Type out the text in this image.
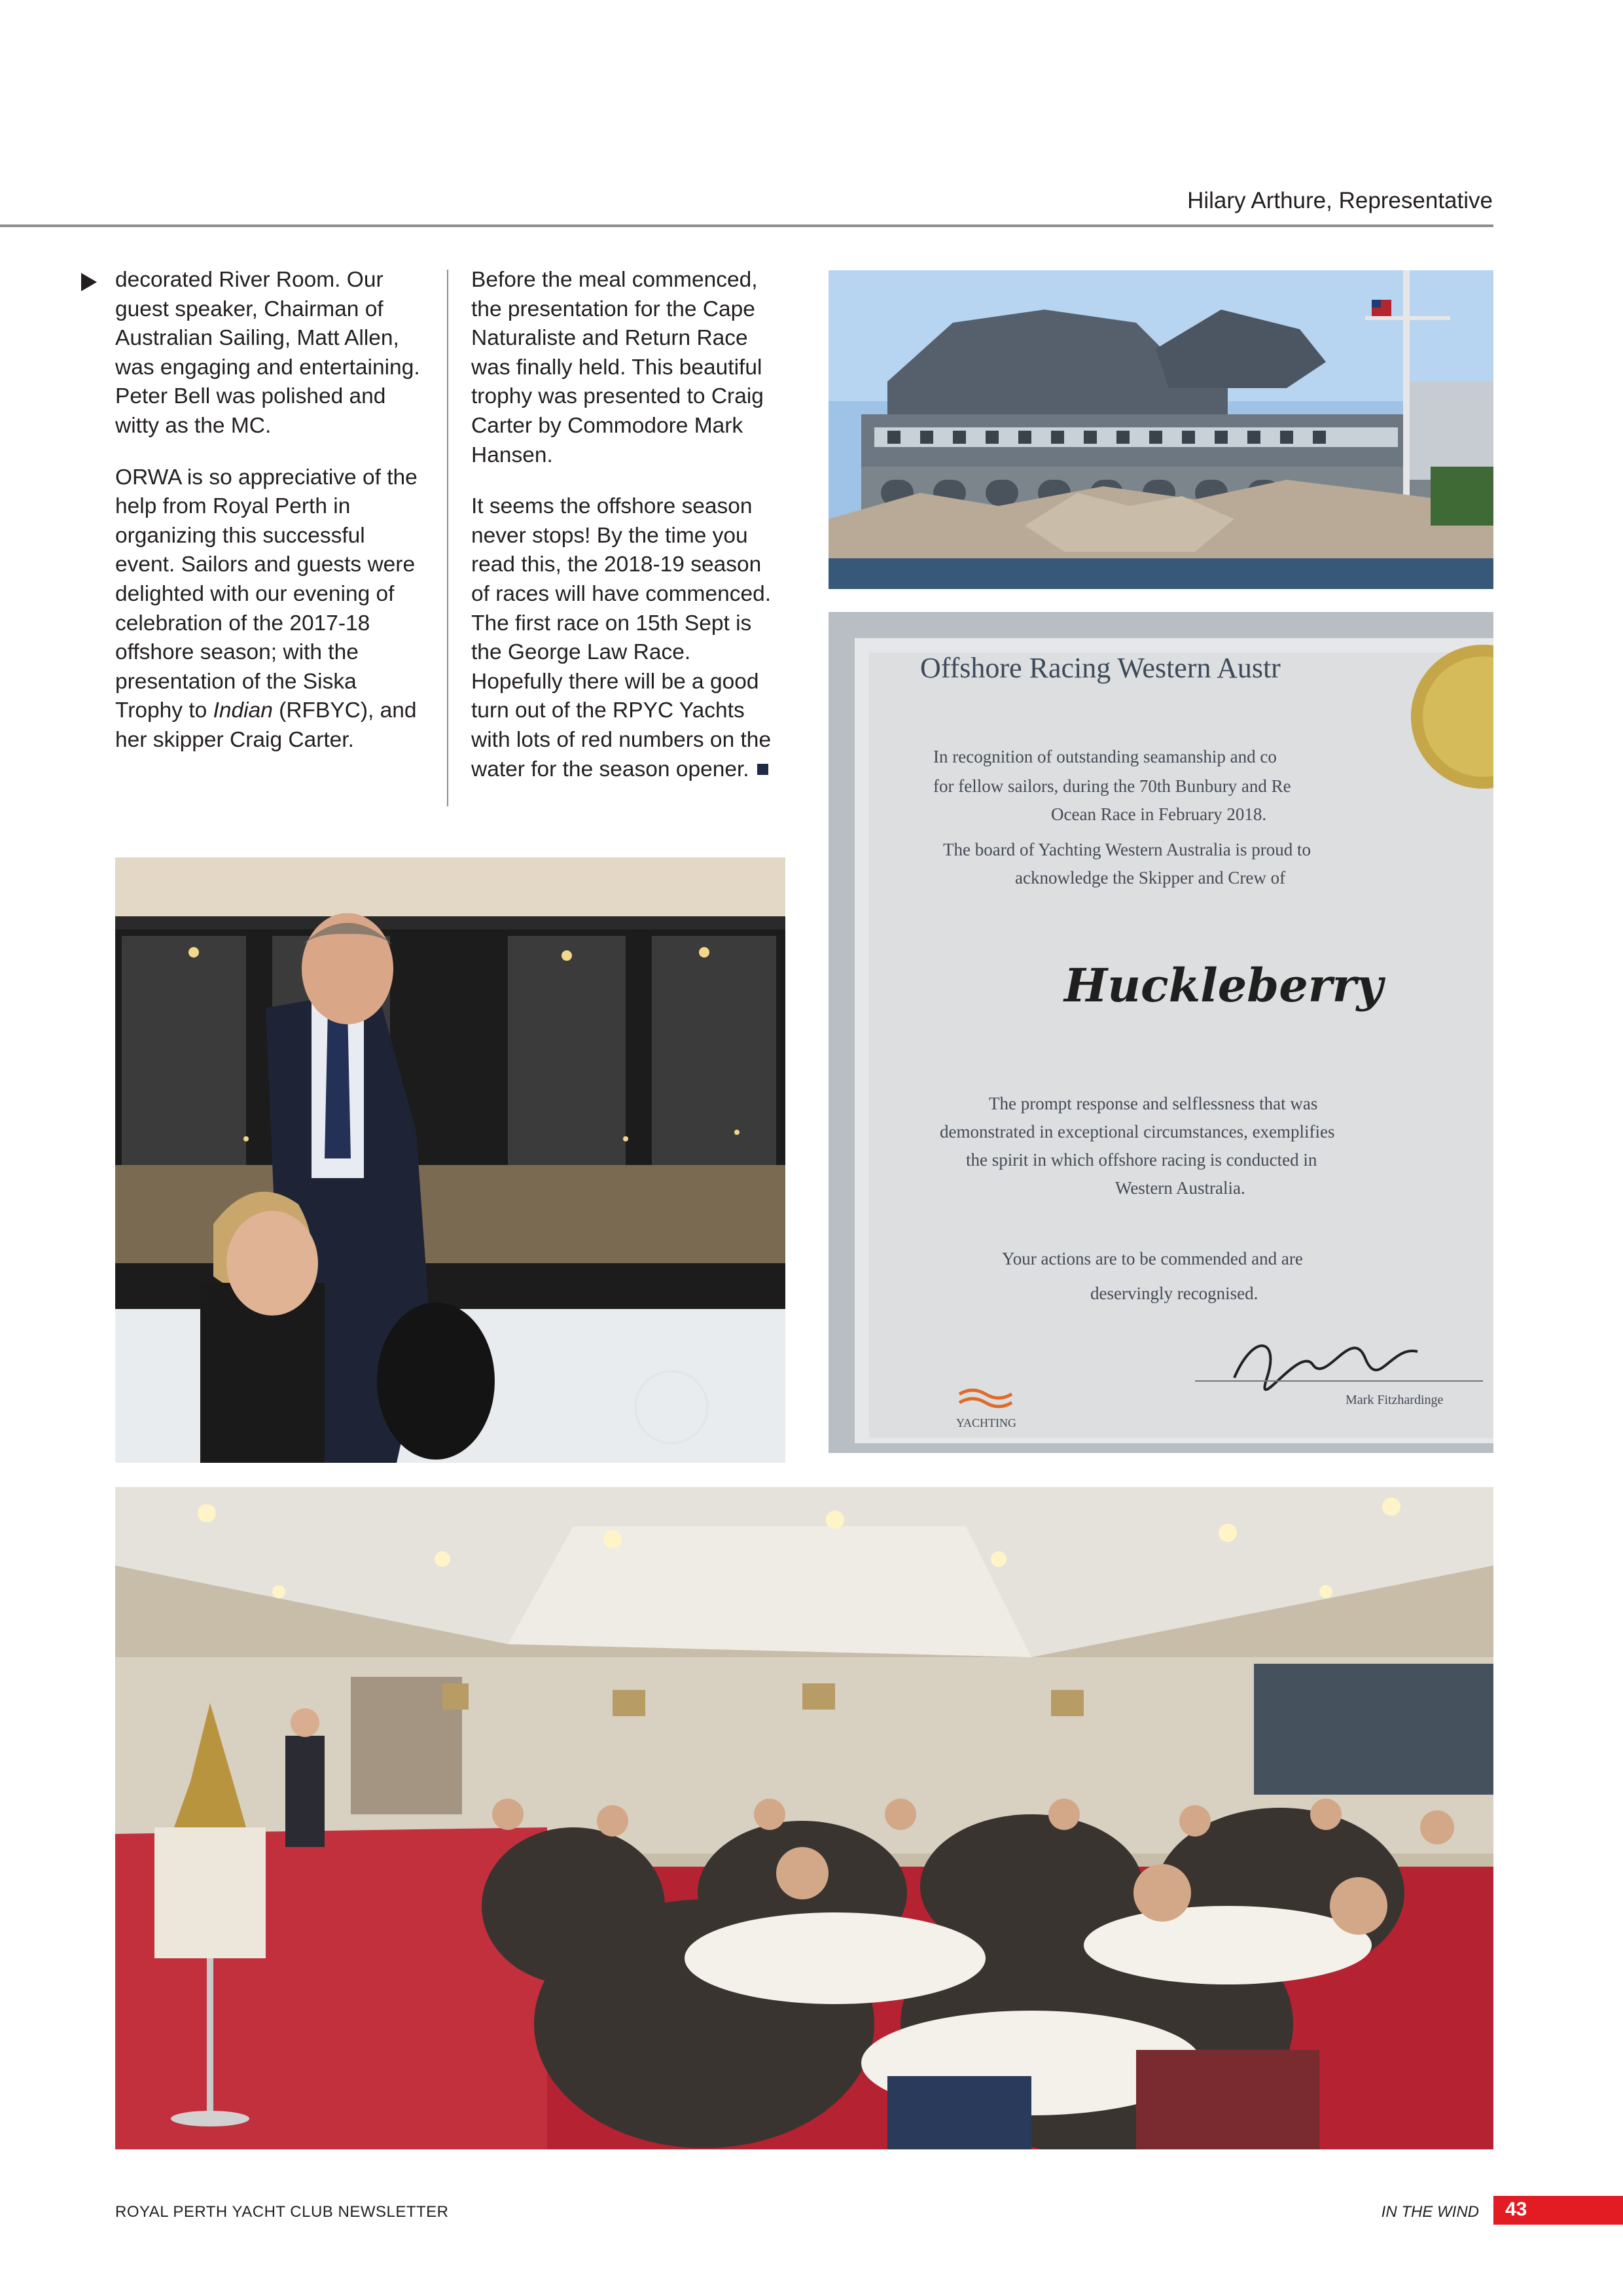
Hilary Arthure, Representative

decorated River Room. Our guest speaker, Chairman of Australian Sailing, Matt Allen, was engaging and entertaining. Peter Bell was polished and witty as the MC.

ORWA is so appreciative of the help from Royal Perth in organizing this successful event. Sailors and guests were delighted with our evening of celebration of the 2017-18 offshore season; with the presentation of the Siska Trophy to Indian (RFBYC), and her skipper Craig Carter.

Before the meal commenced, the presentation for the Cape Naturaliste and Return Race was finally held. This beautiful trophy was presented to Craig Carter by Commodore Mark Hansen.

It seems the offshore season never stops! By the time you read this, the 2018-19 season of races will have commenced. The first race on 15th Sept is the George Law Race. Hopefully there will be a good turn out of the RPYC Yachts with lots of red numbers on the water for the season opener.

Offshore Racing Western Austr
In recognition of outstanding seamanship and co
for fellow sailors, during the 70th Bunbury and Re
Ocean Race in February 2018.
The board of Yachting Western Australia is proud to
acknowledge the Skipper and Crew of
Huckleberry
The prompt response and selflessness that was
demonstrated in exceptional circumstances, exemplifies
the spirit in which offshore racing is conducted in
Western Australia.
Your actions are to be commended and are
deservingly recognised.
Mark Fitzhardinge
YACHTING
ROYAL PERTH YACHT CLUB NEWSLETTER	IN THE WIND 43
